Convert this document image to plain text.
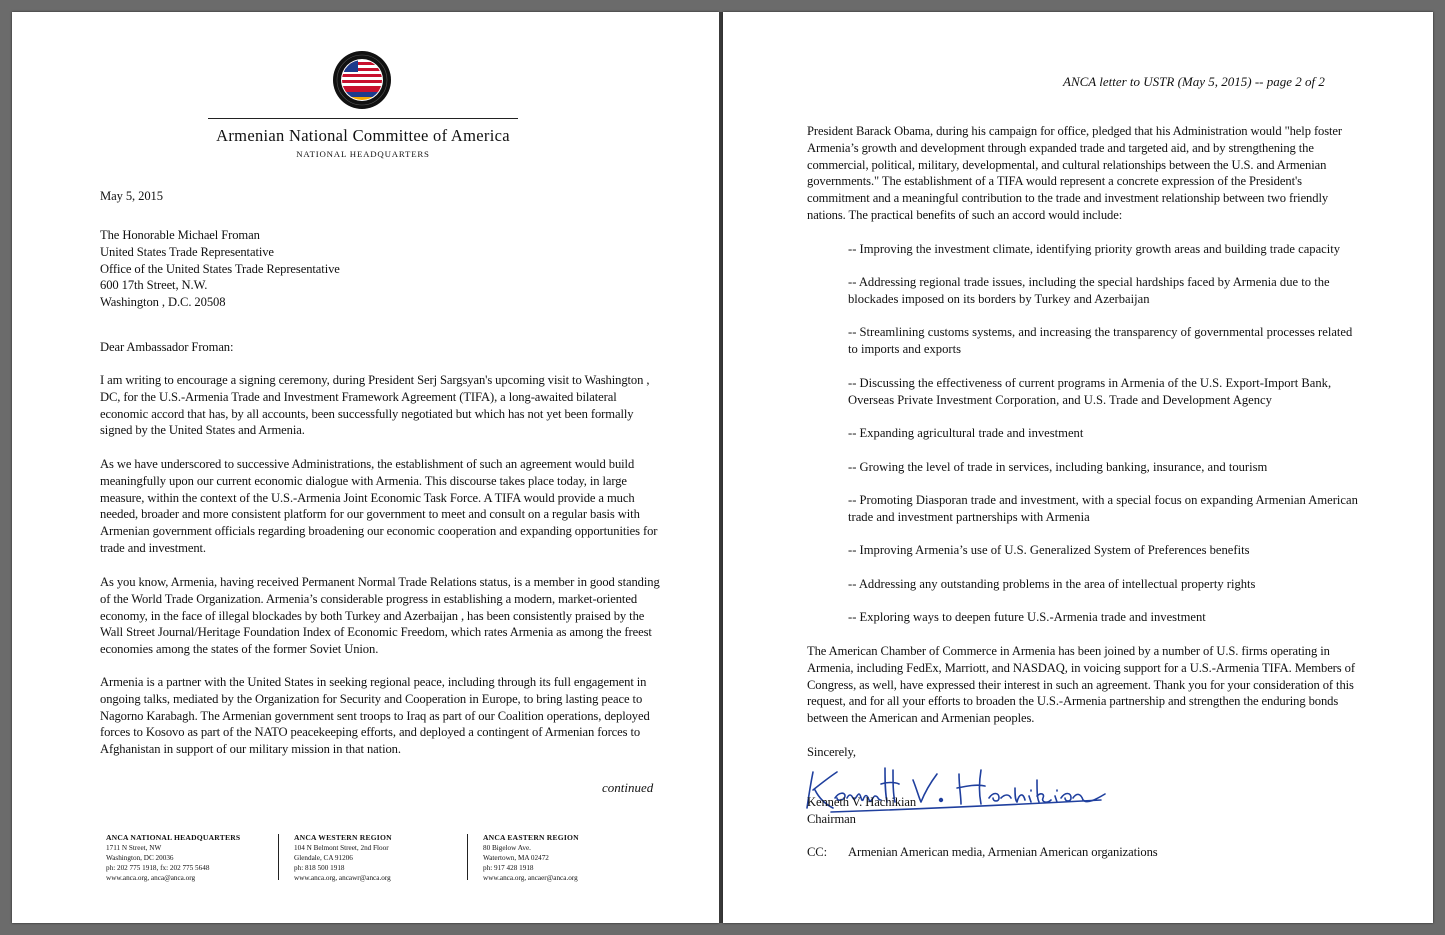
Armenian National Committee of America
NATIONAL HEADQUARTERS
May 5, 2015
The Honorable Michael Froman
United States Trade Representative
Office of the United States Trade Representative
600 17th Street, N.W.
Washington , D.C. 20508
Dear Ambassador Froman:
I am writing to encourage a signing ceremony, during President Serj Sargsyan's upcoming visit to Washington , DC, for the U.S.-Armenia Trade and Investment Framework Agreement (TIFA), a long-awaited bilateral economic accord that has, by all accounts, been successfully negotiated but which has not yet been formally signed by the United States and Armenia.
As we have underscored to successive Administrations, the establishment of such an agreement would build meaningfully upon our current economic dialogue with Armenia. This discourse takes place today, in large measure, within the context of the U.S.-Armenia Joint Economic Task Force. A TIFA would provide a much needed, broader and more consistent platform for our government to meet and consult on a regular basis with Armenian government officials regarding broadening our economic cooperation and expanding opportunities for trade and investment.
As you know, Armenia, having received Permanent Normal Trade Relations status, is a member in good standing of the World Trade Organization. Armenia’s considerable progress in establishing a modern, market-oriented economy, in the face of illegal blockades by both Turkey and Azerbaijan , has been consistently praised by the Wall Street Journal/Heritage Foundation Index of Economic Freedom, which rates Armenia as among the freest economies among the states of the former Soviet Union.
Armenia is a partner with the United States in seeking regional peace, including through its full engagement in ongoing talks, mediated by the Organization for Security and Cooperation in Europe, to bring lasting peace to Nagorno Karabagh. The Armenian government sent troops to Iraq as part of our Coalition operations, deployed forces to Kosovo as part of the NATO peacekeeping efforts, and deployed a contingent of Armenian forces to Afghanistan in support of our military mission in that nation.
continued
ANCA NATIONAL HEADQUARTERS
1711 N Street, NW
Washington, DC 20036
ph: 202 775 1918, fx: 202 775 5648
www.anca.org, anca@anca.org
ANCA WESTERN REGION
104 N Belmont Street, 2nd Floor
Glendale, CA 91206
ph: 818 500 1918
www.anca.org, ancawr@anca.org
ANCA EASTERN REGION
80 Bigelow Ave.
Watertown, MA 02472
ph: 917 428 1918
www.anca.org, ancaer@anca.org
ANCA letter to USTR (May 5, 2015) -- page 2 of 2
President Barack Obama, during his campaign for office, pledged that his Administration would "help foster Armenia’s growth and development through expanded trade and targeted aid, and by strengthening the commercial, political, military, developmental, and cultural relationships between the U.S. and Armenian governments." The establishment of a TIFA would represent a concrete expression of the President's commitment and a meaningful contribution to the trade and investment relationship between two friendly nations. The practical benefits of such an accord would include:
-- Improving the investment climate, identifying priority growth areas and building trade capacity
-- Addressing regional trade issues, including the special hardships faced by Armenia due to the blockades imposed on its borders by Turkey and Azerbaijan
-- Streamlining customs systems, and increasing the transparency of governmental processes related to imports and exports
-- Discussing the effectiveness of current programs in Armenia of the U.S. Export-Import Bank, Overseas Private Investment Corporation, and U.S. Trade and Development Agency
-- Expanding agricultural trade and investment
-- Growing the level of trade in services, including banking, insurance, and tourism
-- Promoting Diasporan trade and investment, with a special focus on expanding Armenian American trade and investment partnerships with Armenia
-- Improving Armenia’s use of U.S. Generalized System of Preferences benefits
-- Addressing any outstanding problems in the area of intellectual property rights
-- Exploring ways to deepen future U.S.-Armenia trade and investment
The American Chamber of Commerce in Armenia has been joined by a number of U.S. firms operating in Armenia, including FedEx, Marriott, and NASDAQ, in voicing support for a U.S.-Armenia TIFA. Members of Congress, as well, have expressed their interest in such an agreement. Thank you for your consideration of this request, and for all your efforts to broaden the U.S.-Armenia partnership and strengthen the enduring bonds between the American and Armenian peoples.
Sincerely,
Kenneth V. Hachikian
Chairman
CC: Armenian American media, Armenian American organizations
